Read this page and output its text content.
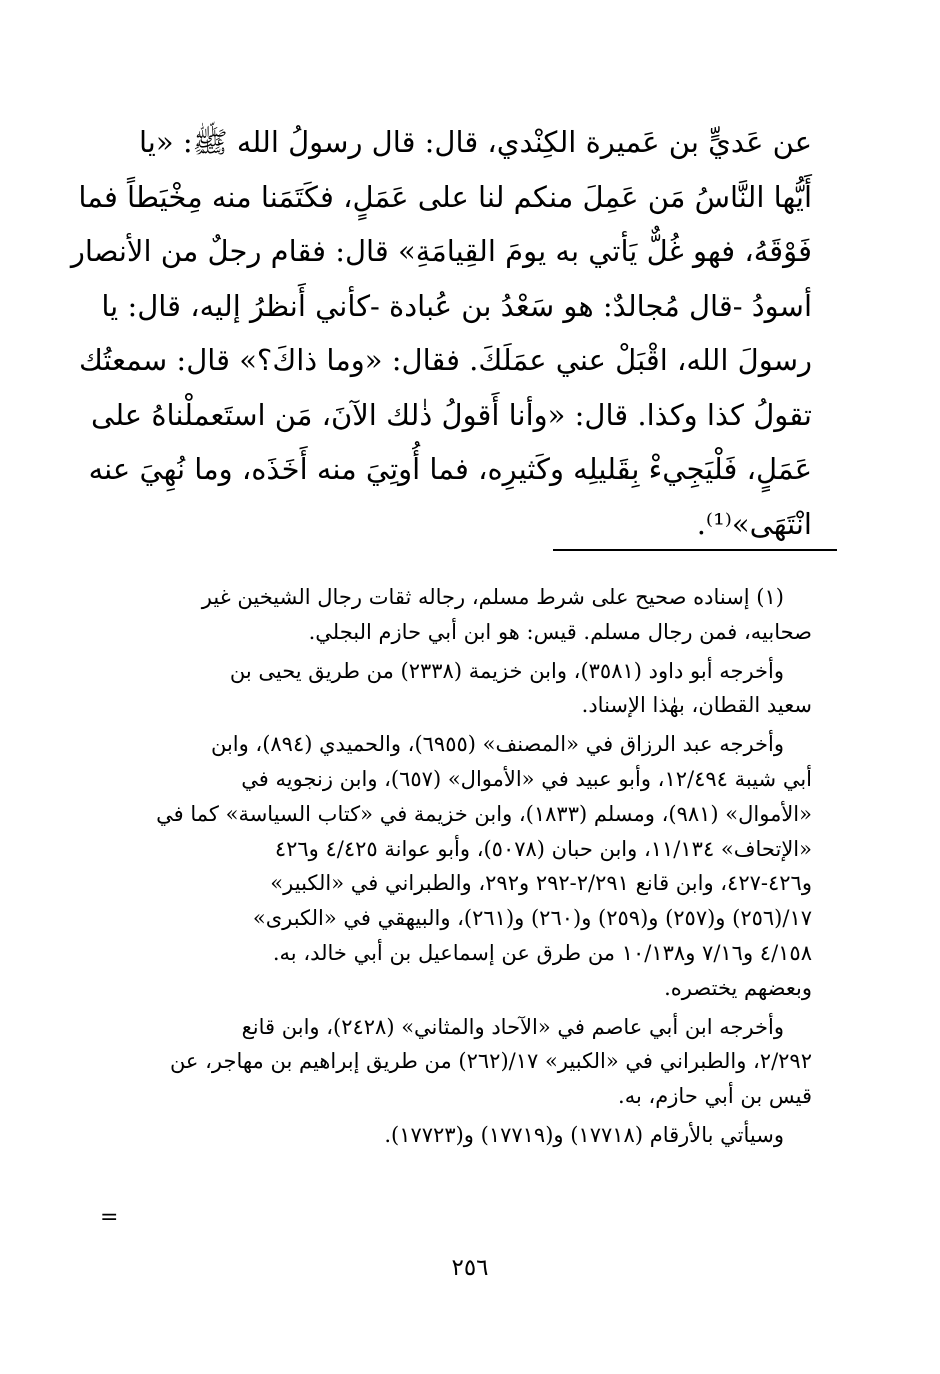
عن عَديٍّ بن عَميرة الكِنْدي، قال: قال رسولُ الله ﷺ: «يا
أَيُّها النَّاسُ مَن عَمِلَ منكم لنا على عَمَلٍ، فكَتَمَنا منه مِخْيَطاً فما
فَوْقَهُ، فهو غُلٌّ يَأتي به يومَ القِيامَةِ» قال: فقام رجلٌ من الأنصار
أسودُ -قال مُجالدٌ: هو سَعْدُ بن عُبادة -كأني أَنظرُ إليه، قال: يا
رسولَ الله، اقْبَلْ عني عمَلَكَ. فقال: «وما ذاكَ؟» قال: سمعتُك
تقولُ كذا وكذا. قال: «وأنا أَقولُ ذٰلك الآنَ، مَن استَعملْناهُ على
عَمَلٍ، فَلْيَجِيءْ بِقَليلِه وكَثيرِه، فما أُوتِيَ منه أَخَذَه، وما نُهِيَ عنه
انْتَهَى»⁽¹⁾.
(١) إسناده صحيح على شرط مسلم، رجاله ثقات رجال الشيخين غير
صحابيه، فمن رجال مسلم. قيس: هو ابن أبي حازم البجلي.
وأخرجه أبو داود (٣٥٨١)، وابن خزيمة (٢٣٣٨) من طريق يحيى بن
سعيد القطان، بهٰذا الإسناد.
وأخرجه عبد الرزاق في «المصنف» (٦٩٥٥)، والحميدي (٨٩٤)، وابن
أبي شيبة ١٢/٤٩٤، وأبو عبيد في «الأموال» (٦٥٧)، وابن زنجويه في
«الأموال» (٩٨١)، ومسلم (١٨٣٣)، وابن خزيمة في «كتاب السياسة» كما في
«الإتحاف» ١١/١٣٤، وابن حبان (٥٠٧٨)، وأبو عوانة ٤/٤٢٥ و٤٢٦
و٤٢٦-٤٢٧، وابن قانع ٢/٢٩١-٢٩٢ و٢٩٢، والطبراني في «الكبير»
١٧/(٢٥٦) و(٢٥٧) و(٢٥٩) و(٢٦٠) و(٢٦١)، والبيهقي في «الكبرى»
٤/١٥٨ و٧/١٦ و١٠/١٣٨ من طرق عن إسماعيل بن أبي خالد، به.
وبعضهم يختصره.
وأخرجه ابن أبي عاصم في «الآحاد والمثاني» (٢٤٢٨)، وابن قانع
٢/٢٩٢، والطبراني في «الكبير» ١٧/(٢٦٢) من طريق إبراهيم بن مهاجر، عن
قيس بن أبي حازم، به.
وسيأتي بالأرقام (١٧٧١٨) و(١٧٧١٩) و(١٧٧٢٣).
=
٢٥٦
